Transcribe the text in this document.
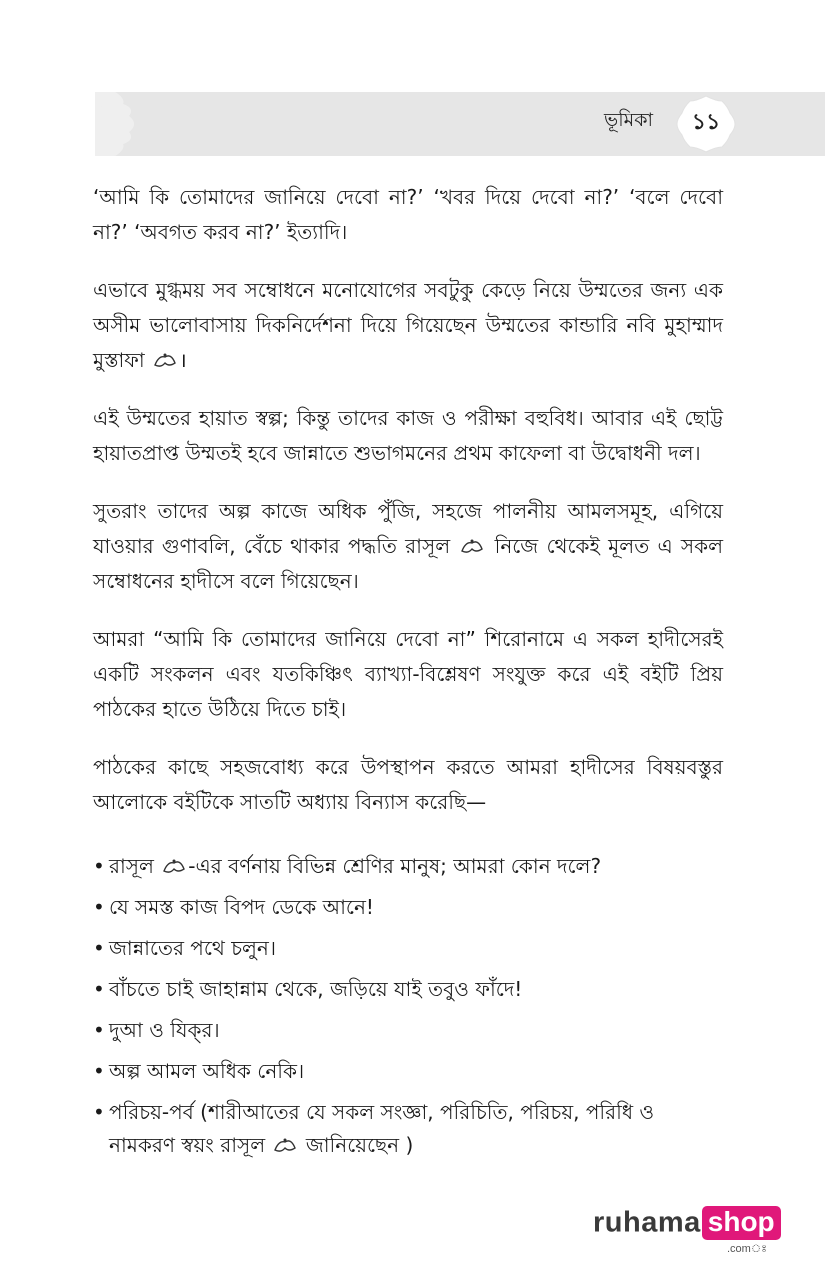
ভূমিকা	১১

‘আমি কি তোমাদের জানিয়ে দেবো না?’ ‘খবর দিয়ে দেবো না?’ ‘বলে দেবো না?’ ‘অবগত করব না?’ ইত্যাদি।

এভাবে মুগ্ধময় সব সম্বোধনে মনোযোগের সবটুকু কেড়ে নিয়ে উম্মতের জন্য এক অসীম ভালোবাসায় দিকনির্দেশনা দিয়ে গিয়েছেন উম্মতের কান্ডারি নবি মুহাম্মাদ মুস্তাফা ।

এই উম্মতের হায়াত স্বল্প; কিন্তু তাদের কাজ ও পরীক্ষা বহুবিধ। আবার এই ছোট্ট হায়াতপ্রাপ্ত উম্মতই হবে জান্নাতে শুভাগমনের প্রথম কাফেলা বা উদ্বোধনী দল।

সুতরাং তাদের অল্প কাজে অধিক পুঁজি, সহজে পালনীয় আমলসমূহ, এগিয়ে যাওয়ার গুণাবলি, বেঁচে থাকার পদ্ধতি রাসূল নিজে থেকেই মূলত এ সকল সম্বোধনের হাদীসে বলে গিয়েছেন।

আমরা “আমি কি তোমাদের জানিয়ে দেবো না” শিরোনামে এ সকল হাদীসেরই একটি সংকলন এবং যতকিঞ্চিৎ ব্যাখ্যা-বিশ্লেষণ সংযুক্ত করে এই বইটি প্রিয় পাঠকের হাতে উঠিয়ে দিতে চাই।

পাঠকের কাছে সহজবোধ্য করে উপস্থাপন করতে আমরা হাদীসের বিষয়বস্তুর আলোকে বইটিকে সাতটি অধ্যায় বিন্যাস করেছি—

• রাসূল -এর বর্ণনায় বিভিন্ন শ্রেণির মানুষ; আমরা কোন দলে?
• যে সমস্ত কাজ বিপদ ডেকে আনে!
• জান্নাতের পথে চলুন।
• বাঁচতে চাই জাহান্নাম থেকে, জড়িয়ে যাই তবুও ফাঁদে!
• দুআ ও যিক্‌র।
• অল্প আমল অধিক নেকি।
• পরিচয়-পর্ব (শারীআতের যে সকল সংজ্ঞা, পরিচিতি, পরিচয়, পরিধি ও নামকরণ স্বয়ং রাসূল জানিয়েছেন )
ruhama shop
.comঃ
